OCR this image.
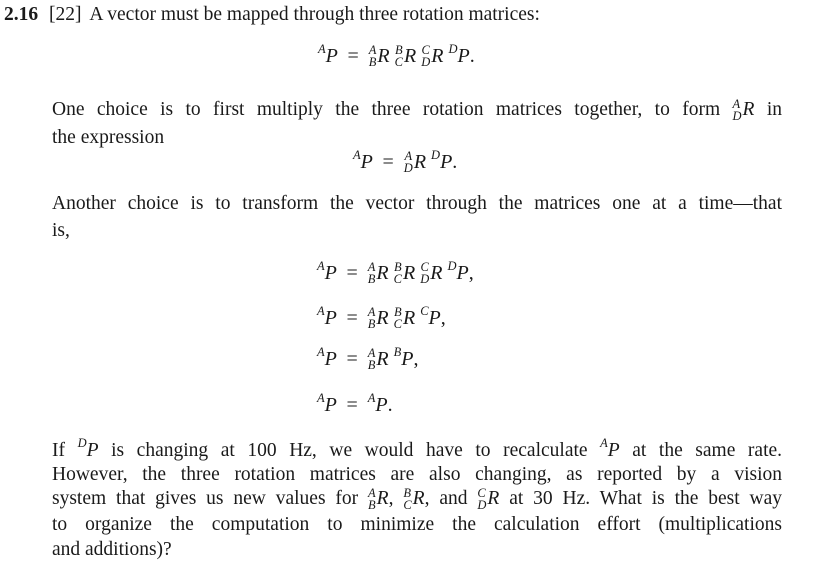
2.16 [22] A vector must be mapped through three rotation matrices:
$^A$P = A
B R B
C R C
D R $^D$P.
One choice is to first multiply the three rotation matrices together, to form A
D R in
the expression
$^A$P = A
D R $^D$P.
Another choice is to transform the vector through the matrices one at a time—that
is,
$^A$P = A
B R B
C R C
D R $^D$P,
$^A$P = A
B R B
C R $^C$P,
$^A$P = A
B R $^B$P,
$^A$P = $^A$P.
If $^D$P is changing at 100 Hz, we would have to recalculate $^A$P at the same rate.
However, the three rotation matrices are also changing, as reported by a vision
system that gives us new values for A
B R, B
C R, and C
D R at 30 Hz. What is the best way
to organize the computation to minimize the calculation effort (multiplications
and additions)?
